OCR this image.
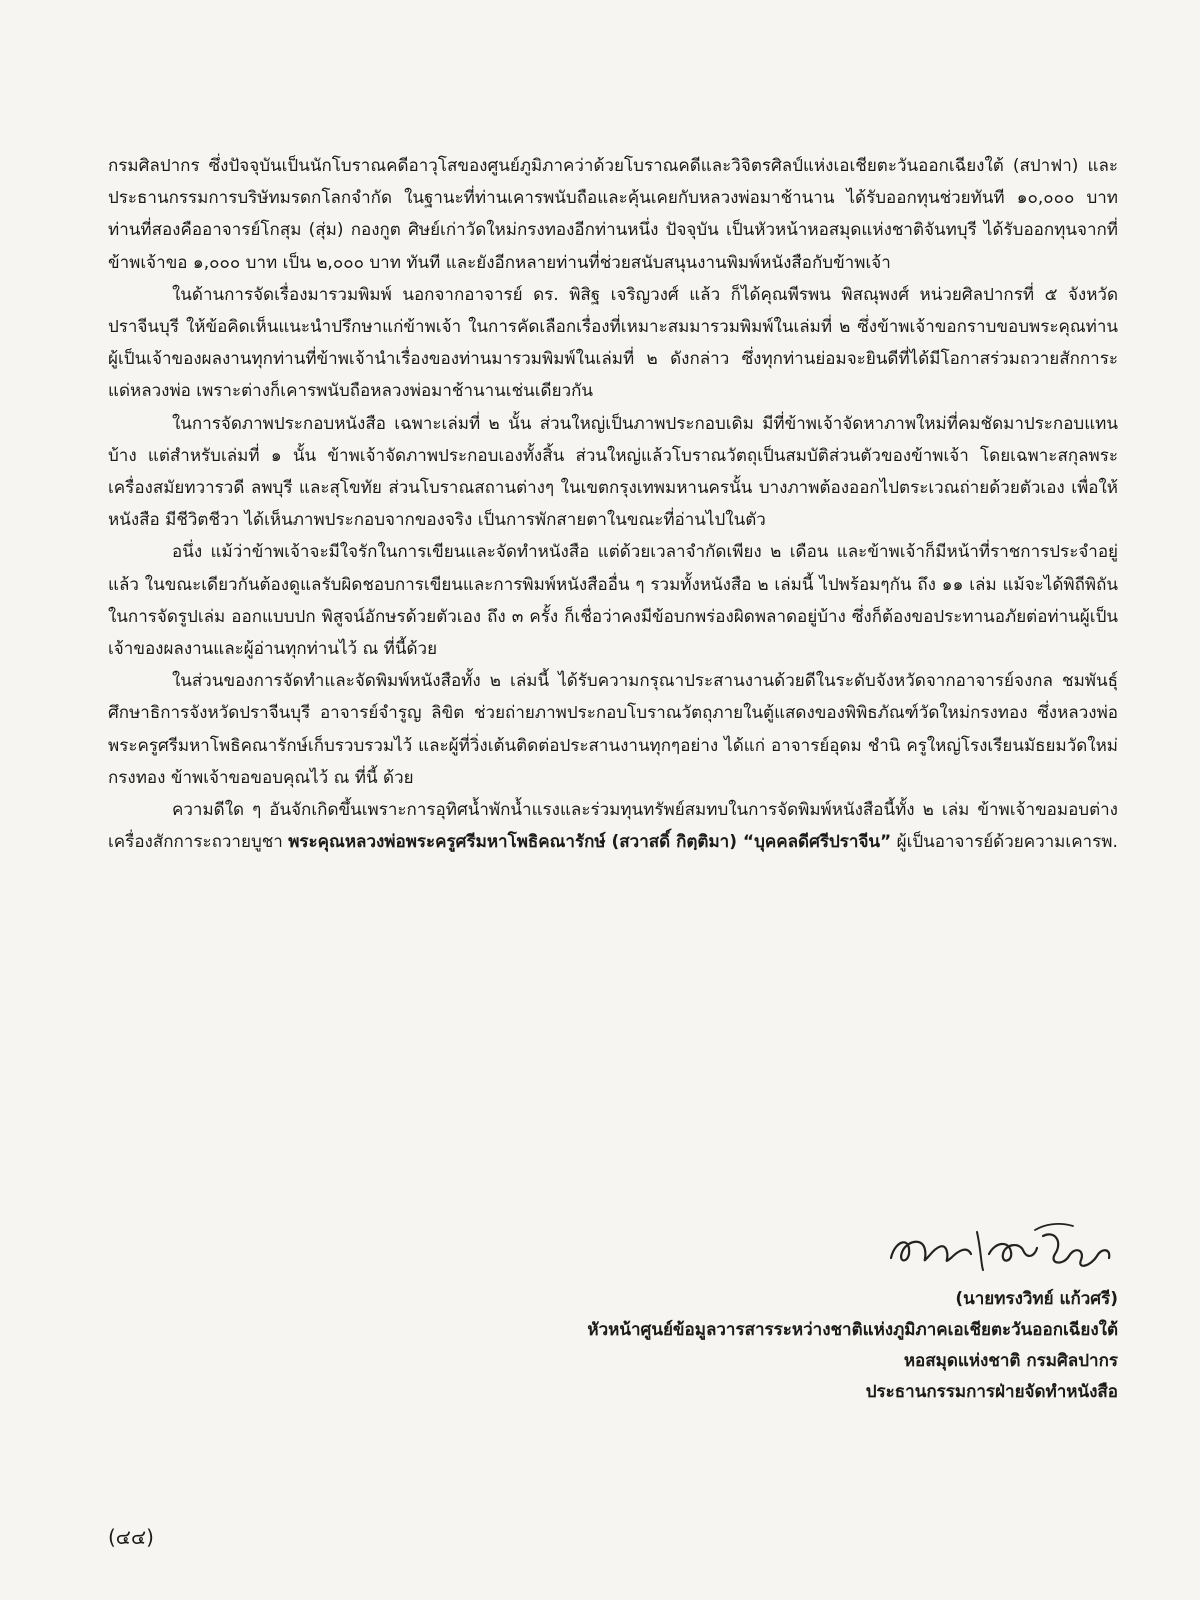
กรมศิลปากร ซึ่งปัจจุบันเป็นนักโบราณคดีอาวุโสของศูนย์ภูมิภาคว่าด้วยโบราณคดีและวิจิตรศิลป์แห่งเอเชียตะวันออกเฉียงใต้ (สปาฟา) และประธานกรรมการบริษัทมรดกโลกจำกัด ในฐานะที่ท่านเคารพนับถือและคุ้นเคยกับหลวงพ่อมาช้านาน ได้รับออกทุนช่วยทันที ๑๐,๐๐๐ บาท ท่านที่สองคืออาจารย์โกสุม (สุ่ม) กองกูต ศิษย์เก่าวัดใหม่กรงทองอีกท่านหนึ่ง ปัจจุบัน เป็นหัวหน้าหอสมุดแห่งชาติจันทบุรี ได้รับออกทุนจากที่ข้าพเจ้าขอ ๑,๐๐๐ บาท เป็น ๒,๐๐๐ บาท ทันที และยังอีกหลายท่านที่ช่วยสนับสนุนงานพิมพ์หนังสือกับข้าพเจ้า

ในด้านการจัดเรื่องมารวมพิมพ์ นอกจากอาจารย์ ดร. พิสิฐ เจริญวงศ์ แล้ว ก็ได้คุณพีรพน พิสณุพงศ์ หน่วยศิลปากรที่ ๕ จังหวัดปราจีนบุรี ให้ข้อคิดเห็นแนะนำปรึกษาแก่ข้าพเจ้า ในการคัดเลือกเรื่องที่เหมาะสมมารวมพิมพ์ในเล่มที่ ๒ ซึ่งข้าพเจ้าขอกราบขอบพระคุณท่านผู้เป็นเจ้าของผลงานทุกท่านที่ข้าพเจ้านำเรื่องของท่านมารวมพิมพ์ในเล่มที่ ๒ ดังกล่าว ซึ่งทุกท่านย่อมจะยินดีที่ได้มีโอกาสร่วมถวายสักการะแด่หลวงพ่อ เพราะต่างก็เคารพนับถือหลวงพ่อมาช้านานเช่นเดียวกัน

ในการจัดภาพประกอบหนังสือ เฉพาะเล่มที่ ๒ นั้น ส่วนใหญ่เป็นภาพประกอบเดิม มีที่ข้าพเจ้าจัดหาภาพใหม่ที่คมชัดมาประกอบแทนบ้าง แต่สำหรับเล่มที่ ๑ นั้น ข้าพเจ้าจัดภาพประกอบเองทั้งสิ้น ส่วนใหญ่แล้วโบราณวัตถุเป็นสมบัติส่วนตัวของข้าพเจ้า โดยเฉพาะสกุลพระเครื่องสมัยทวารวดี ลพบุรี และสุโขทัย ส่วนโบราณสถานต่างๆ ในเขตกรุงเทพมหานครนั้น บางภาพต้องออกไปตระเวณถ่ายด้วยตัวเอง เพื่อให้หนังสือ มีชีวิตชีวา ได้เห็นภาพประกอบจากของจริง เป็นการพักสายตาในขณะที่อ่านไปในตัว

อนึ่ง แม้ว่าข้าพเจ้าจะมีใจรักในการเขียนและจัดทำหนังสือ แต่ด้วยเวลาจำกัดเพียง ๒ เดือน และข้าพเจ้าก็มีหน้าที่ราชการประจำอยู่แล้ว ในขณะเดียวกันต้องดูแลรับผิดชอบการเขียนและการพิมพ์หนังสืออื่น ๆ รวมทั้งหนังสือ ๒ เล่มนี้ ไปพร้อมๆกัน ถึง ๑๑ เล่ม แม้จะได้พิถีพิถัน ในการจัดรูปเล่ม ออกแบบปก พิสูจน์อักษรด้วยตัวเอง ถึง ๓ ครั้ง ก็เชื่อว่าคงมีข้อบกพร่องผิดพลาดอยู่บ้าง ซึ่งก็ต้องขอประทานอภัยต่อท่านผู้เป็นเจ้าของผลงานและผู้อ่านทุกท่านไว้ ณ ที่นี้ด้วย

ในส่วนของการจัดทำและจัดพิมพ์หนังสือทั้ง ๒ เล่มนี้ ได้รับความกรุณาประสานงานด้วยดีในระดับจังหวัดจากอาจารย์จงกล ชมพันธุ์ ศึกษาธิการจังหวัดปราจีนบุรี อาจารย์จำรูญ ลิขิต ช่วยถ่ายภาพประกอบโบราณวัตถุภายในตู้แสดงของพิพิธภัณฑ์วัดใหม่กรงทอง ซึ่งหลวงพ่อพระครูศรีมหาโพธิคณารักษ์เก็บรวบรวมไว้ และผู้ที่วิ่งเต้นติดต่อประสานงานทุกๆอย่าง ได้แก่ อาจารย์อุดม ชำนิ ครูใหญ่โรงเรียนมัธยมวัดใหม่กรงทอง ข้าพเจ้าขอขอบคุณไว้ ณ ที่นี้ ด้วย

ความดีใด ๆ อันจักเกิดขึ้นเพราะการอุทิศน้ำพักน้ำแรงและร่วมทุนทรัพย์สมทบในการจัดพิมพ์หนังสือนี้ทั้ง ๒ เล่ม ข้าพเจ้าขอมอบต่างเครื่องสักการะถวายบูชา พระคุณหลวงพ่อพระครูศรีมหาโพธิคณารักษ์ (สวาสดิ์ กิตฺติมา) “บุคคลดีศรีปราจีน” ผู้เป็นอาจารย์ด้วยความเคารพ.

(นายทรงวิทย์ แก้วศรี)
หัวหน้าศูนย์ข้อมูลวารสารระหว่างชาติแห่งภูมิภาคเอเชียตะวันออกเฉียงใต้
หอสมุดแห่งชาติ กรมศิลปากร
ประธานกรรมการฝ่ายจัดทำหนังสือ
(๔๔)
